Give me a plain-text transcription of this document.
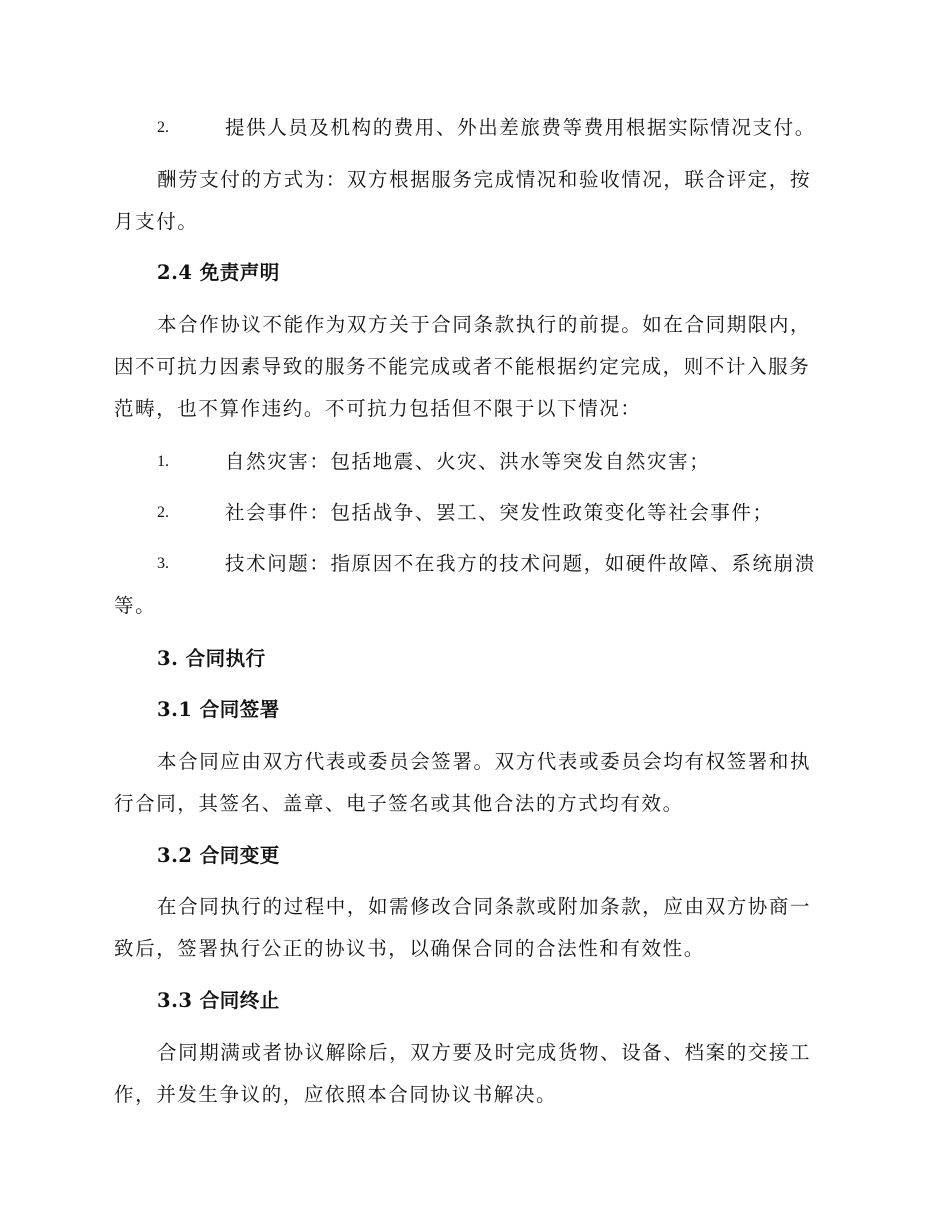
2.	提供人员及机构的费用、外出差旅费等费用根据实际情况支付。
酬劳支付的方式为：双方根据服务完成情况和验收情况，联合评定，按
月支付。
2.4 免责声明
本合作协议不能作为双方关于合同条款执行的前提。如在合同期限内，
因不可抗力因素导致的服务不能完成或者不能根据约定完成，则不计入服务
范畴，也不算作违约。不可抗力包括但不限于以下情况：
1.	自然灾害：包括地震、火灾、洪水等突发自然灾害；
2.	社会事件：包括战争、罢工、突发性政策变化等社会事件；
3.	技术问题：指原因不在我方的技术问题，如硬件故障、系统崩溃
等。
3. 合同执行
3.1 合同签署
本合同应由双方代表或委员会签署。双方代表或委员会均有权签署和执
行合同，其签名、盖章、电子签名或其他合法的方式均有效。
3.2 合同变更
在合同执行的过程中，如需修改合同条款或附加条款，应由双方协商一
致后，签署执行公正的协议书，以确保合同的合法性和有效性。
3.3 合同终止
合同期满或者协议解除后，双方要及时完成货物、设备、档案的交接工
作，并发生争议的，应依照本合同协议书解决。
